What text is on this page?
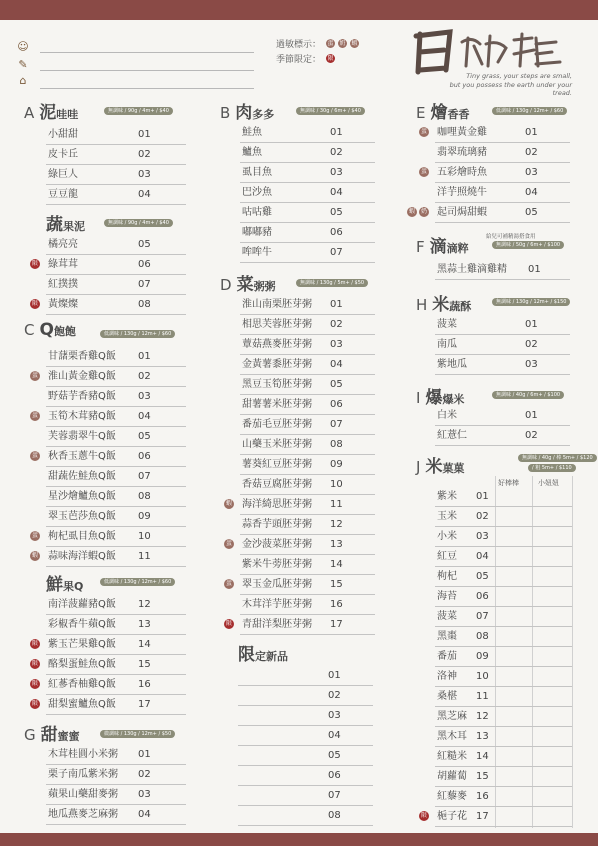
☺
✎
⌂
過敏標示： 蛋 奶 蝦
季節限定： 限
Tiny grass, your steps are small,
but you possess the earth under your tread.
A 泥 哇哇	無調味 / 90g / 4m+ / $40
小甜甜	01
皮卡丘	02
綠巨人	03
豆豆龍	04
蔬 果泥	無調味 / 90g / 4m+ / $40
橘亮亮	05
綠茸茸	06
限
紅撲撲	07
黃燦燦	08
限
C Q 飽飽	低調味 / 130g / 12m+ / $60
甘藷栗香雞Q飯 01
淮山黃金雞Q飯 02
蛋
野菇芋香豬Q飯 03
玉筍木茸豬Q飯 04
蛋
芙蓉翡翠牛Q飯 05
秋香玉蔥牛Q飯 06
蛋
甜蔬佐鮭魚Q飯 07
星沙燴鱸魚Q飯 08
翠玉芭莎魚Q飯 09
枸杞虱目魚Q飯 10
蛋
蒜味海洋蝦Q飯 11
蝦
鮮 果Q	低調味 / 130g / 12m+ / $60
南洋菠蘿豬Q飯 12
彩椒香牛蘋Q飯 13
紫玉芒果雞Q飯 14
限
酪梨蛋鮭魚Q飯 15
限
紅蔘香柚雞Q飯 16
限
甜梨蜜鱸魚Q飯 17
限
G 甜 蜜蜜	微調味 / 130g / 12m+ / $50
木茸桂圓小米粥 01
栗子南瓜紫米粥 02
蘋果山藥甜麥粥 03
地瓜燕麥芝麻粥 04
B 肉 多多	無調味 / 30g / 6m+ / $40
鮭魚	01
鱸魚	02
虱目魚	03
巴沙魚	04
咕咕雞	05
嘟嘟豬	06
哞哞牛	07
D 菜 粥粥	無調味 / 130g / 5m+ / $50
淮山南栗胚芽粥 01
相思芙蓉胚芽粥 02
蕈菇燕麥胚芽粥 03
金黃薯黍胚芽粥 04
黑豆玉筍胚芽粥 05
甜薯薯米胚芽粥 06
番茄毛豆胚芽粥 07
山藥玉米胚芽粥 08
薯葵紅豆胚芽粥 09
香菇豆腐胚芽粥 10
海洋綺思胚芽粥 11
蝦
蒜香芋頭胚芽粥 12
金沙菠菜胚芽粥 13
蛋
紫米牛蒡胚芽粥 14
翠玉金瓜胚芽粥 15
蛋
木茸洋芋胚芽粥 16
青甜洋梨胚芽粥 17
限
限 定新品
01
02
03
04
05
06
07
08
E 燴 香香	低調味 / 130g / 12m+ / $60
咖哩黃金雞	01
蛋
翡翠琉璃豬	02
五彩燴時魚	03
蛋
洋芋照燒牛	04
起司焗甜蝦	05
奶
蝦
F 滴 滴粹	無調味 / 50g / 6m+ / $100
給兒可補精湯搭食用
黑蒜土雞滴雞精 01
H 米 蔬酥	無調味 / 130g / 12m+ / $150
菠菜	01
南瓜	02
紫地瓜	03
I 爆 爆米	無調味 / 40g / 6m+ / $100
白米	01
紅薏仁	02
J 米 菓菓
無調味 / 40g / 棒 5m+ / $120
/ 粗 5m+ / $110
好棒棒	小妞妞
紫米 01
玉米 02
小米 03
紅豆 04
枸杞 05
海苔 06
菠菜 07
黑棗 08
番茄 09
洛神 10
桑椹 11
黑芝麻 12
黑木耳 13
紅糙米 14
胡蘿蔔 15
紅藜麥 16
梔子花 17
限
